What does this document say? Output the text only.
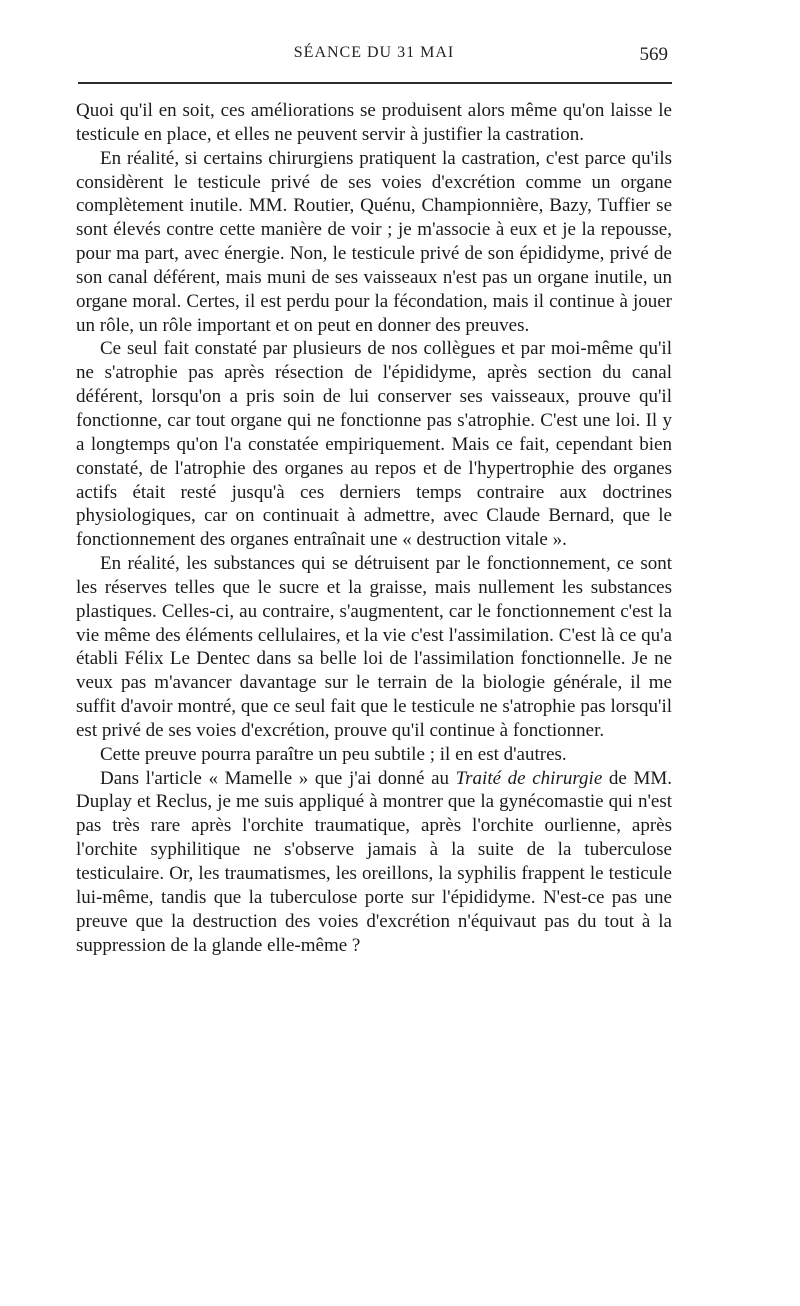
SÉANCE DU 31 MAI	569

Quoi qu'il en soit, ces améliorations se produisent alors même qu'on laisse le testicule en place, et elles ne peuvent servir à justifier la castration.

En réalité, si certains chirurgiens pratiquent la castration, c'est parce qu'ils considèrent le testicule privé de ses voies d'excrétion comme un organe complètement inutile. MM. Routier, Quénu, Championnière, Bazy, Tuffier se sont élevés contre cette manière de voir ; je m'associe à eux et je la repousse, pour ma part, avec énergie. Non, le testicule privé de son épididyme, privé de son canal déférent, mais muni de ses vaisseaux n'est pas un organe inutile, un organe moral. Certes, il est perdu pour la fécondation, mais il continue à jouer un rôle, un rôle important et on peut en donner des preuves.

Ce seul fait constaté par plusieurs de nos collègues et par moi-même qu'il ne s'atrophie pas après résection de l'épididyme, après section du canal déférent, lorsqu'on a pris soin de lui conserver ses vaisseaux, prouve qu'il fonctionne, car tout organe qui ne fonctionne pas s'atrophie. C'est une loi. Il y a longtemps qu'on l'a constatée empiriquement. Mais ce fait, cependant bien constaté, de l'atrophie des organes au repos et de l'hypertrophie des organes actifs était resté jusqu'à ces derniers temps contraire aux doctrines physiologiques, car on continuait à admettre, avec Claude Bernard, que le fonctionnement des organes entraînait une « destruction vitale ».

En réalité, les substances qui se détruisent par le fonctionnement, ce sont les réserves telles que le sucre et la graisse, mais nullement les substances plastiques. Celles-ci, au contraire, s'augmentent, car le fonctionnement c'est la vie même des éléments cellulaires, et la vie c'est l'assimilation. C'est là ce qu'a établi Félix Le Dentec dans sa belle loi de l'assimilation fonctionnelle. Je ne veux pas m'avancer davantage sur le terrain de la biologie générale, il me suffit d'avoir montré, que ce seul fait que le testicule ne s'atrophie pas lorsqu'il est privé de ses voies d'excrétion, prouve qu'il continue à fonctionner.

Cette preuve pourra paraître un peu subtile ; il en est d'autres.

Dans l'article « Mamelle » que j'ai donné au Traité de chirurgie de MM. Duplay et Reclus, je me suis appliqué à montrer que la gynécomastie qui n'est pas très rare après l'orchite traumatique, après l'orchite ourlienne, après l'orchite syphilitique ne s'observe jamais à la suite de la tuberculose testiculaire. Or, les traumatismes, les oreillons, la syphilis frappent le testicule lui-même, tandis que la tuberculose porte sur l'épididyme. N'est-ce pas une preuve que la destruction des voies d'excrétion n'équivaut pas du tout à la suppression de la glande elle-même ?
